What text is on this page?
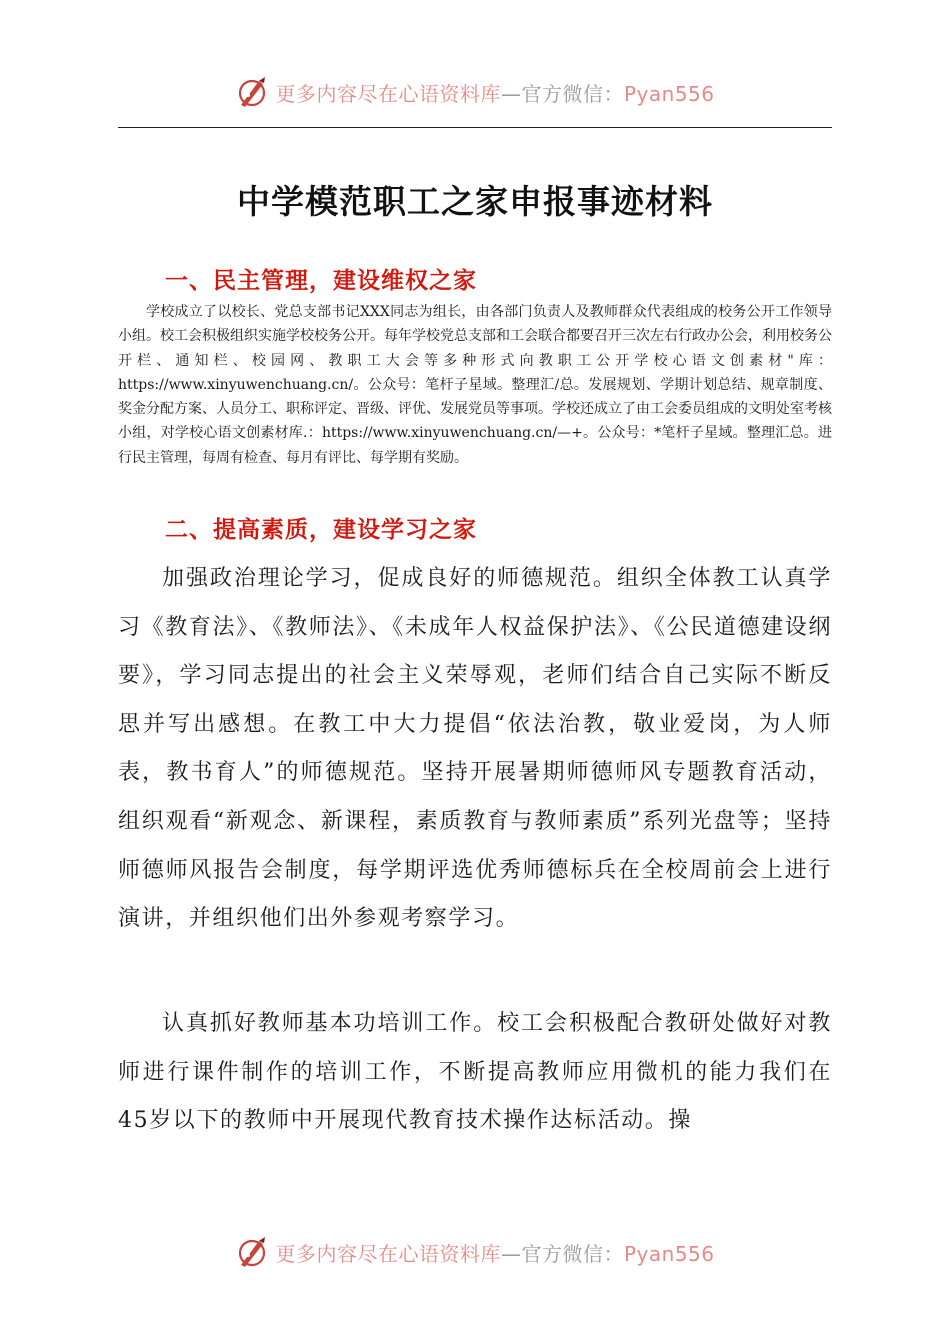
更多内容尽在心语资料库—官方微信：Pyan556
中学模范职工之家申报事迹材料
一、民主管理，建设维权之家

学校成立了以校长、党总支部书记XXX同志为组长，由各部门负责人及教师群众代表组成的校务公开工作领导小组。校工会积极组织实施学校校务公开。每年学校党总支部和工会联合都要召开三次左右行政办公会，利用校务公开栏、通知栏、校园网、教职工大会等多种形式向教职工公开学校心语文创素材"库：https://www.xinyuwenchuang.cn/。公众号：笔杆子星域。整理汇/总。发展规划、学期计划总结、规章制度、奖金分配方案、人员分工、职称评定、晋级、评优、发展党员等事项。学校还成立了由工会委员组成的文明处室考核小组，对学校心语文创素材库.：https://www.xinyuwenchuang.cn/—+。公众号：*笔杆子星域。整理汇总。进行民主管理，每周有检查、每月有评比、每学期有奖励。

二、提高素质，建设学习之家

加强政治理论学习，促成良好的师德规范。组织全体教工认真学习《教育法》、《教师法》、《未成年人权益保护法》、《公民道德建设纲要》，学习同志提出的社会主义荣辱观，老师们结合自己实际不断反思并写出感想。在教工中大力提倡“依法治教，敬业爱岗，为人师表，教书育人”的师德规范。坚持开展暑期师德师风专题教育活动，组织观看“新观念、新课程，素质教育与教师素质”系列光盘等；坚持师德师风报告会制度，每学期评选优秀师德标兵在全校周前会上进行演讲，并组织他们出外参观考察学习。

认真抓好教师基本功培训工作。校工会积极配合教研处做好对教师进行课件制作的培训工作，不断提高教师应用微机的能力我们在45岁以下的教师中开展现代教育技术操作达标活动。操

更多内容尽在心语资料库—官方微信：Pyan556
